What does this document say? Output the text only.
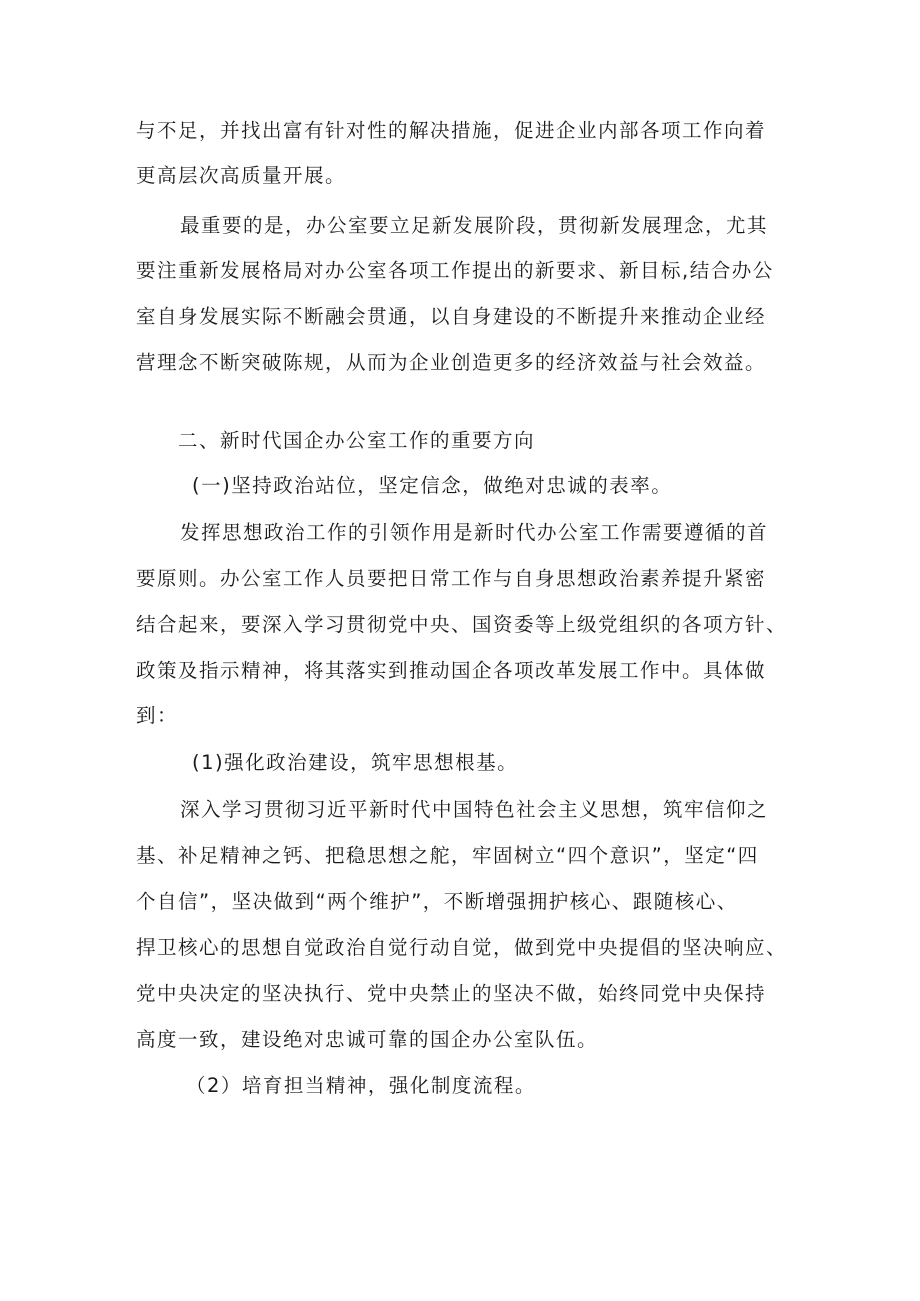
与不足，并找出富有针对性的解决措施，促进企业内部各项工作向着
更高层次高质量开展。
最重要的是，办公室要立足新发展阶段，贯彻新发展理念，尤其
要注重新发展格局对办公室各项工作提出的新要求、新目标,结合办公
室自身发展实际不断融会贯通，以自身建设的不断提升来推动企业经
营理念不断突破陈规，从而为企业创造更多的经济效益与社会效益。
二、新时代国企办公室工作的重要方向
(一)坚持政治站位，坚定信念，做绝对忠诚的表率。
发挥思想政治工作的引领作用是新时代办公室工作需要遵循的首
要原则。办公室工作人员要把日常工作与自身思想政治素养提升紧密
结合起来，要深入学习贯彻党中央、国资委等上级党组织的各项方针、
政策及指示精神，将其落实到推动国企各项改革发展工作中。具体做
到：
(1)强化政治建设，筑牢思想根基。
深入学习贯彻习近平新时代中国特色社会主义思想，筑牢信仰之
基、补足精神之钙、把稳思想之舵，牢固树立“四个意识”，坚定“四
个自信”，坚决做到“两个维护”，不断增强拥护核心、跟随核心、
捍卫核心的思想自觉政治自觉行动自觉，做到党中央提倡的坚决响应、
党中央决定的坚决执行、党中央禁止的坚决不做，始终同党中央保持
高度一致，建设绝对忠诚可靠的国企办公室队伍。
（2）培育担当精神，强化制度流程。
